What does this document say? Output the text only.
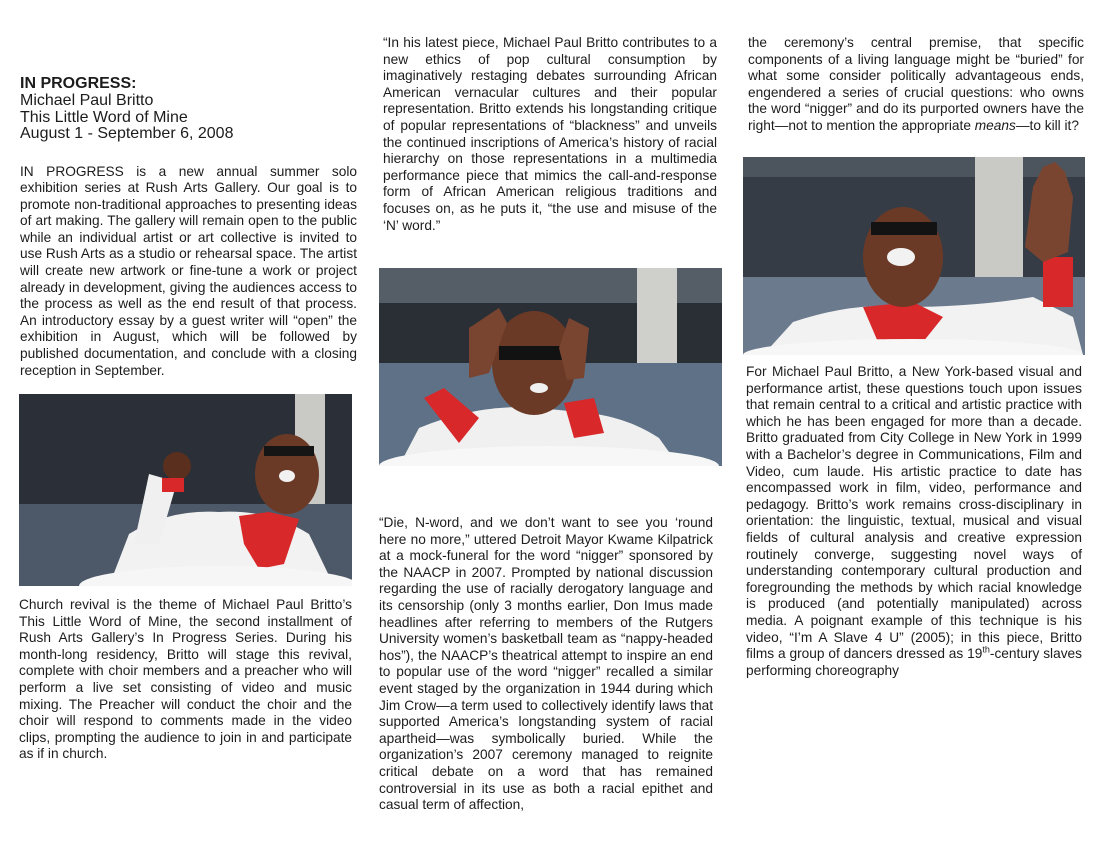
IN PROGRESS:

Michael Paul Britto

This Little Word of Mine

August 1 - September 6, 2008

IN PROGRESS is a new annual summer solo exhibition series at Rush Arts Gallery. Our goal is to promote non-traditional approaches to presenting ideas of art making. The gallery will remain open to the public while an individual artist or art collective is invited to use Rush Arts as a studio or rehearsal space. The artist will create new artwork or fine-tune a work or project already in development, giving the audiences access to the process as well as the end result of that process. An introductory essay by a guest writer will “open” the exhibition in August, which will be followed by published documentation, and conclude with a closing reception in September.

Church revival is the theme of Michael Paul Britto’s This Little Word of Mine, the second installment of Rush Arts Gallery’s In Progress Series. During his month-long residency, Britto will stage this revival, complete with choir members and a preacher who will perform a live set consisting of video and music mixing. The Preacher will conduct the choir and the choir will respond to comments made in the video clips, prompting the audience to join in and participate as if in church.

“In his latest piece, Michael Paul Britto contributes to a new ethics of pop cultural consumption by imaginatively restaging debates surrounding African American vernacular cultures and their popular representation. Britto extends his longstanding critique of popular representations of “blackness” and unveils the continued inscriptions of America’s history of racial hierarchy on those representations in a multimedia performance piece that mimics the call-and-response form of African American religious traditions and focuses on, as he puts it, “the use and misuse of the ‘N’ word.”

“Die, N-word, and we don’t want to see you ‘round here no more,” uttered Detroit Mayor Kwame Kilpatrick at a mock-funeral for the word “nigger” sponsored by the NAACP in 2007. Prompted by national discussion regarding the use of racially derogatory language and its censorship (only 3 months earlier, Don Imus made headlines after referring to members of the Rutgers University women’s basketball team as “nappy-headed hos”), the NAACP’s theatrical attempt to inspire an end to popular use of the word “nigger” recalled a similar event staged by the organization in 1944 during which Jim Crow—a term used to collectively identify laws that supported America’s longstanding system of racial apartheid—was symbolically buried. While the organization’s 2007 ceremony managed to reignite critical debate on a word that has remained controversial in its use as both a racial epithet and casual term of affection,

the ceremony’s central premise, that specific components of a living language might be “buried” for what some consider politically advantageous ends, engendered a series of crucial questions: who owns the word “nigger” and do its purported owners have the right—not to mention the appropriate means—to kill it?

For Michael Paul Britto, a New York-based visual and performance artist, these questions touch upon issues that remain central to a critical and artistic practice with which he has been engaged for more than a decade. Britto graduated from City College in New York in 1999 with a Bachelor’s degree in Communications, Film and Video, cum laude. His artistic practice to date has encompassed work in film, video, performance and pedagogy. Britto’s work remains cross-disciplinary in orientation: the linguistic, textual, musical and visual fields of cultural analysis and creative expression routinely converge, suggesting novel ways of understanding contemporary cultural production and foregrounding the methods by which racial knowledge is produced (and potentially manipulated) across media. A poignant example of this technique is his video, “I’m A Slave 4 U” (2005); in this piece, Britto films a group of dancers dressed as 19th-century slaves performing choreography
